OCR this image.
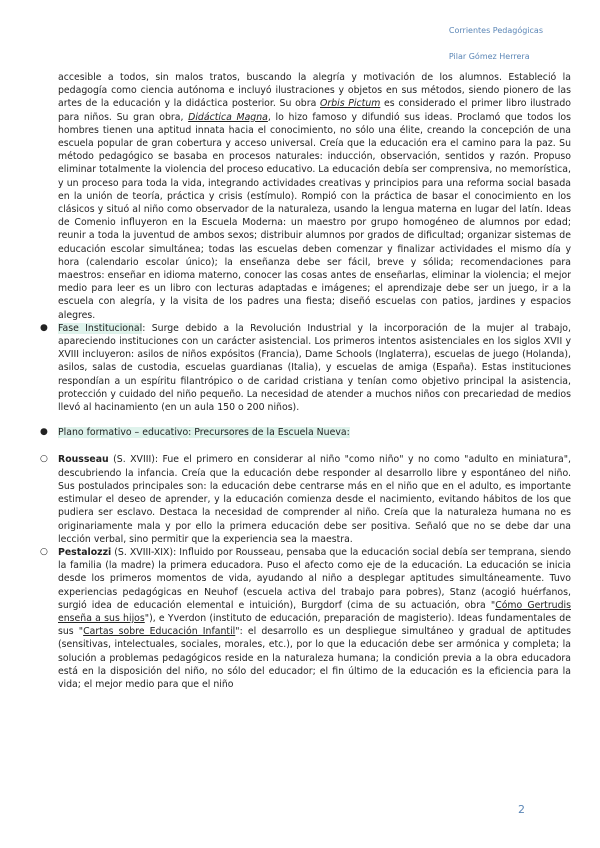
Corrientes Pedagógicas
Pilar Gómez Herrera

accesible a todos, sin malos tratos, buscando la alegría y motivación de los alumnos. Estableció la pedagogía como ciencia autónoma e incluyó ilustraciones y objetos en sus métodos, siendo pionero de las artes de la educación y la didáctica posterior. Su obra Orbis Pictum es considerado el primer libro ilustrado para niños. Su gran obra, Didáctica Magna, lo hizo famoso y difundió sus ideas. Proclamó que todos los hombres tienen una aptitud innata hacia el conocimiento, no sólo una élite, creando la concepción de una escuela popular de gran cobertura y acceso universal. Creía que la educación era el camino para la paz. Su método pedagógico se basaba en procesos naturales: inducción, observación, sentidos y razón. Propuso eliminar totalmente la violencia del proceso educativo. La educación debía ser comprensiva, no memorística, y un proceso para toda la vida, integrando actividades creativas y principios para una reforma social basada en la unión de teoría, práctica y crisis (estímulo). Rompió con la práctica de basar el conocimiento en los clásicos y situó al niño como observador de la naturaleza, usando la lengua materna en lugar del latín. Ideas de Comenio influyeron en la Escuela Moderna: un maestro por grupo homogéneo de alumnos por edad; reunir a toda la juventud de ambos sexos; distribuir alumnos por grados de dificultad; organizar sistemas de educación escolar simultánea; todas las escuelas deben comenzar y finalizar actividades el mismo día y hora (calendario escolar único); la enseñanza debe ser fácil, breve y sólida; recomendaciones para maestros: enseñar en idioma materno, conocer las cosas antes de enseñarlas, eliminar la violencia; el mejor medio para leer es un libro con lecturas adaptadas e imágenes; el aprendizaje debe ser un juego, ir a la escuela con alegría, y la visita de los padres una fiesta; diseñó escuelas con patios, jardines y espacios alegres.

● Fase Institucional: Surge debido a la Revolución Industrial y la incorporación de la mujer al trabajo, apareciendo instituciones con un carácter asistencial. Los primeros intentos asistenciales en los siglos XVII y XVIII incluyeron: asilos de niños expósitos (Francia), Dame Schools (Inglaterra), escuelas de juego (Holanda), asilos, salas de custodia, escuelas guardianas (Italia), y escuelas de amiga (España). Estas instituciones respondían a un espíritu filantrópico o de caridad cristiana y tenían como objetivo principal la asistencia, protección y cuidado del niño pequeño. La necesidad de atender a muchos niños con precariedad de medios llevó al hacinamiento (en un aula 150 o 200 niños).

● Plano formativo – educativo: Precursores de la Escuela Nueva:

○ Rousseau (S. XVIII): Fue el primero en considerar al niño "como niño" y no como "adulto en miniatura", descubriendo la infancia. Creía que la educación debe responder al desarrollo libre y espontáneo del niño. Sus postulados principales son: la educación debe centrarse más en el niño que en el adulto, es importante estimular el deseo de aprender, y la educación comienza desde el nacimiento, evitando hábitos de los que pudiera ser esclavo. Destaca la necesidad de comprender al niño. Creía que la naturaleza humana no es originariamente mala y por ello la primera educación debe ser positiva. Señaló que no se debe dar una lección verbal, sino permitir que la experiencia sea la maestra.

○ Pestalozzi (S. XVIII-XIX): Influido por Rousseau, pensaba que la educación social debía ser temprana, siendo la familia (la madre) la primera educadora. Puso el afecto como eje de la educación. La educación se inicia desde los primeros momentos de vida, ayudando al niño a desplegar aptitudes simultáneamente. Tuvo experiencias pedagógicas en Neuhof (escuela activa del trabajo para pobres), Stanz (acogió huérfanos, surgió idea de educación elemental e intuición), Burgdorf (cima de su actuación, obra "Cómo Gertrudis enseña a sus hijos"), e Yverdon (instituto de educación, preparación de magisterio). Ideas fundamentales de sus "Cartas sobre Educación Infantil": el desarrollo es un despliegue simultáneo y gradual de aptitudes (sensitivas, intelectuales, sociales, morales, etc.), por lo que la educación debe ser armónica y completa; la solución a problemas pedagógicos reside en la naturaleza humana; la condición previa a la obra educadora está en la disposición del niño, no sólo del educador; el fin último de la educación es la eficiencia para la vida; el mejor medio para que el niño

2
